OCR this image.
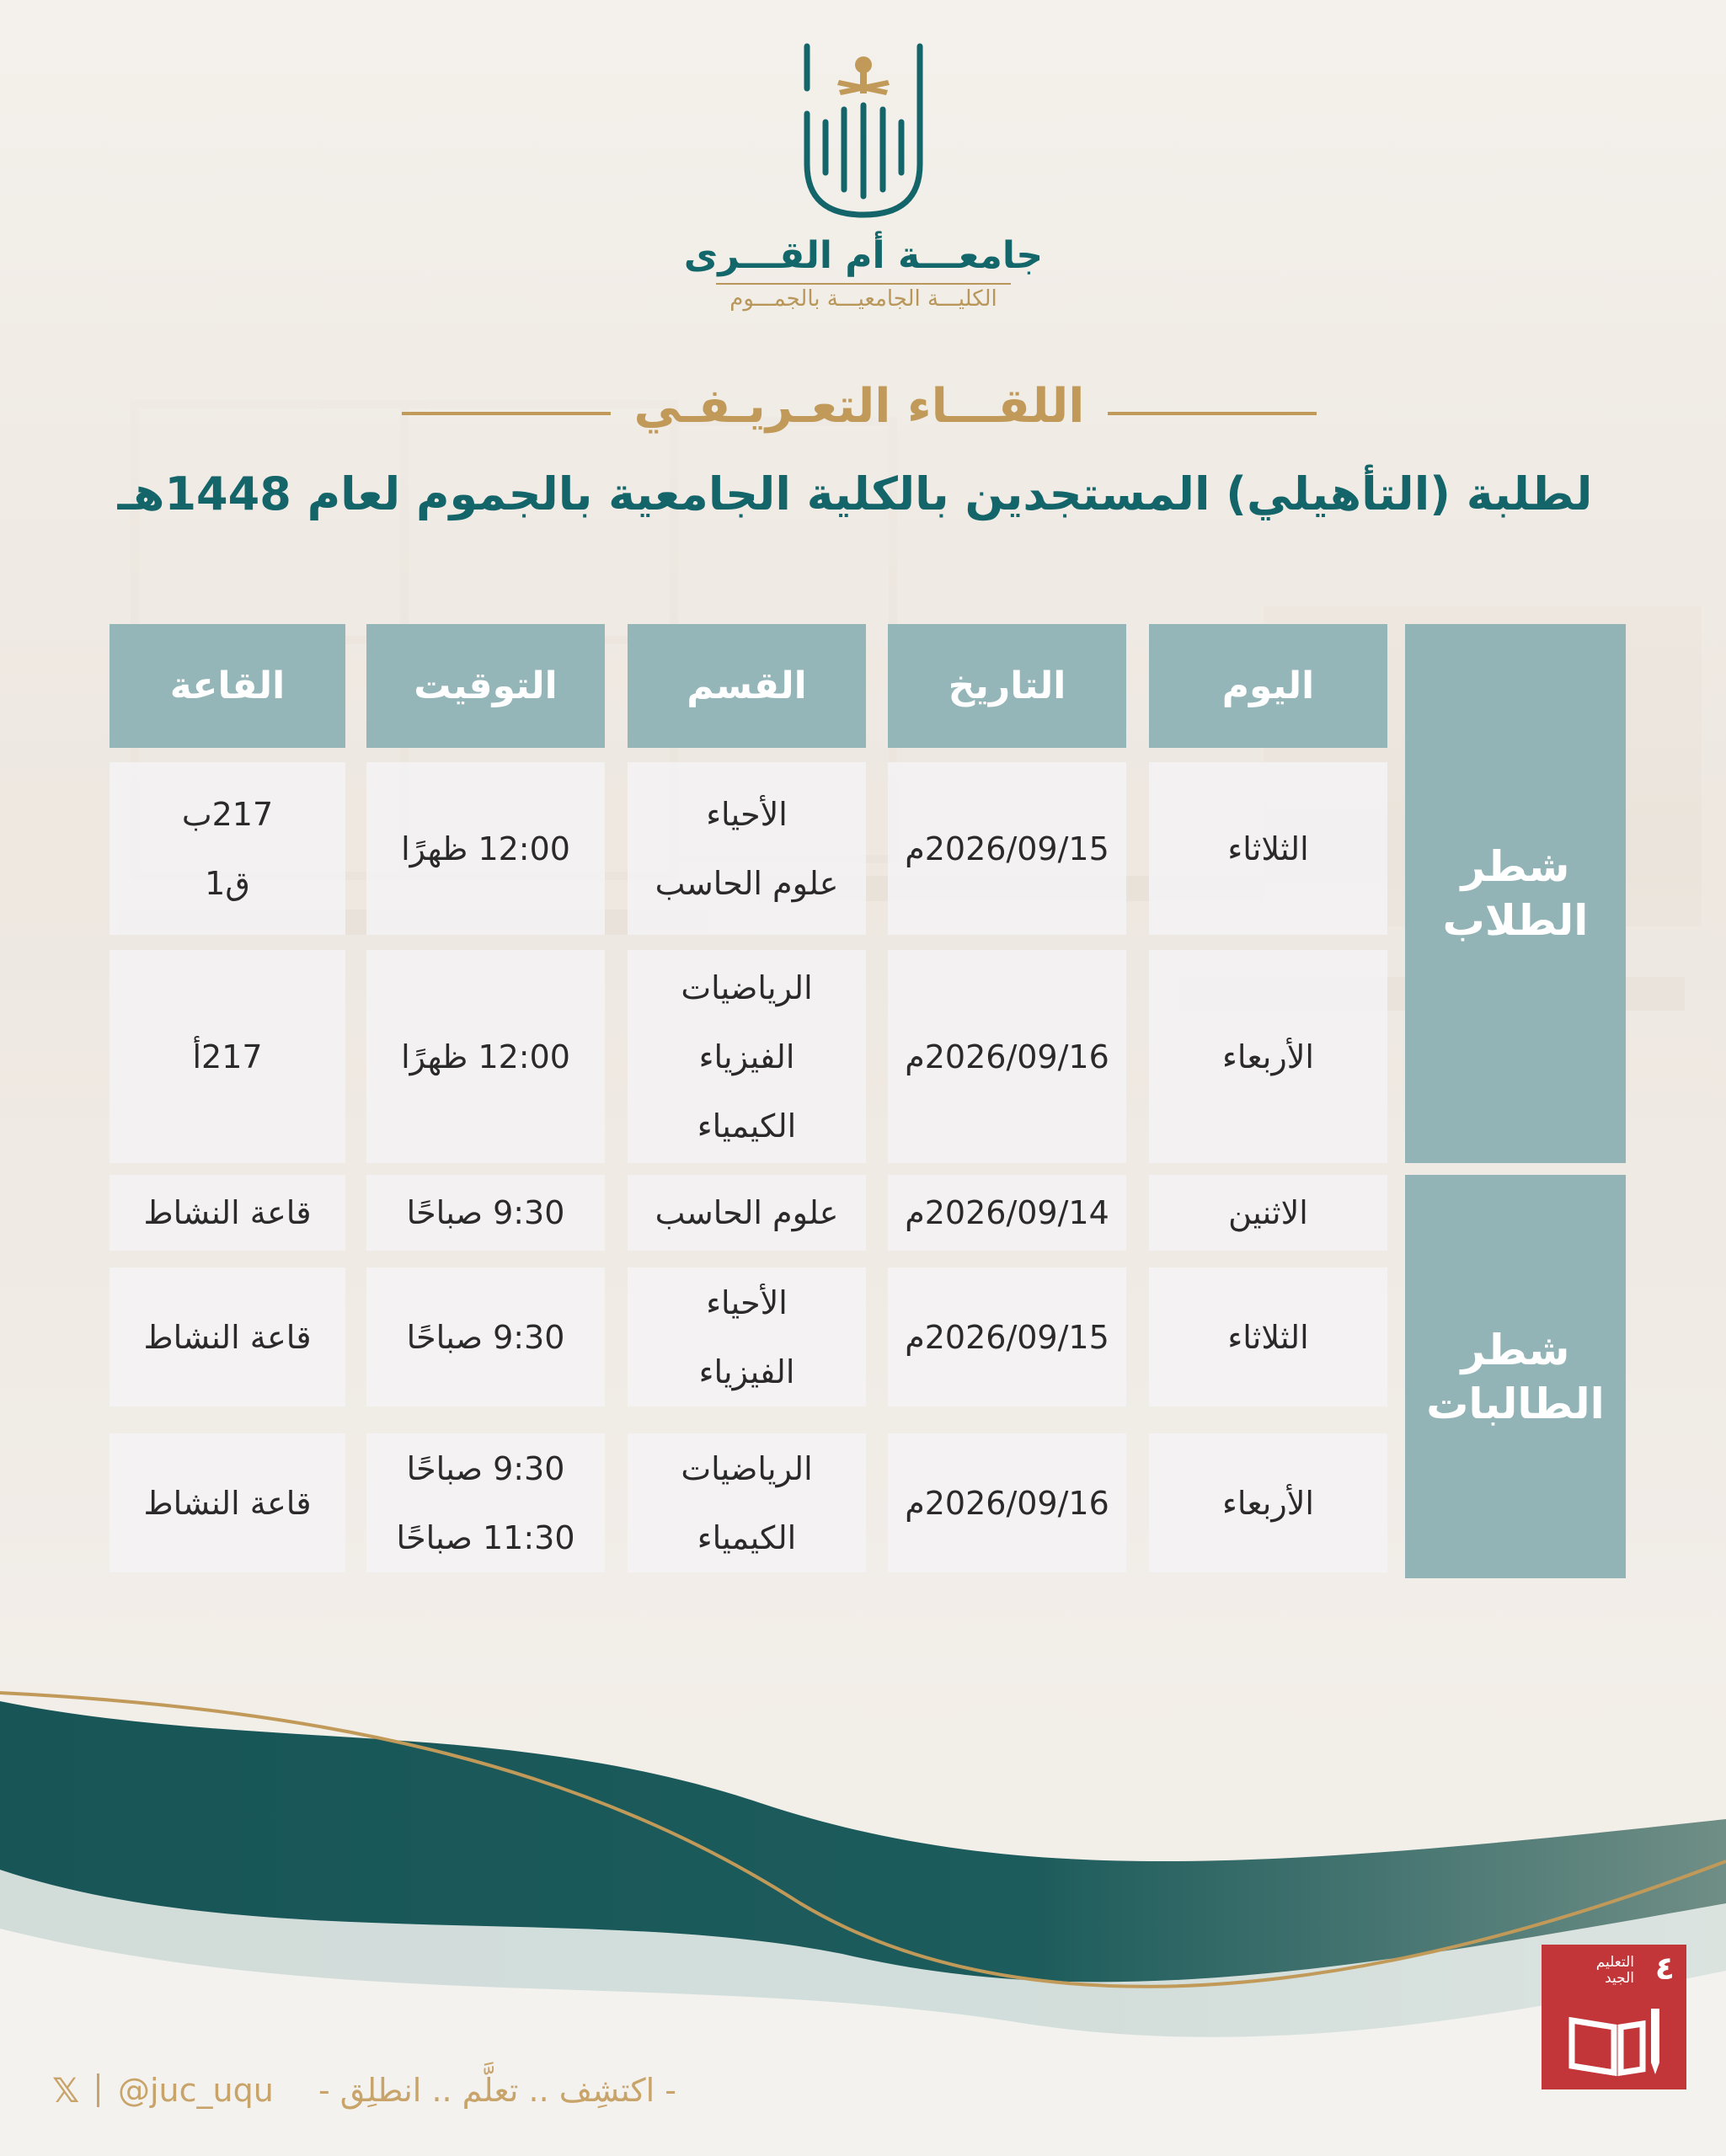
جامعـــة أم القـــرى
الكليـــة الجامعيـــة بالجمـــوم
اللقـــاء التعـريـفـي
لطلبة (التأهيلي) المستجدين بالكلية الجامعية بالجموم لعام 1448هـ
اليوم
التاريخ
القسم
التوقيت
القاعة
شطر
الطلاب
شطر
الطالبات
الثلاثاء
2026/09/15م
الأحياء
علوم الحاسب
12:00 ظهرًا
217ب
ق1
الأربعاء
2026/09/16م
الرياضيات
الفيزياء
الكيمياء
12:00 ظهرًا
217أ
الاثنين
2026/09/14م
علوم الحاسب
9:30 صباحًا
قاعة النشاط
الثلاثاء
2026/09/15م
الأحياء
الفيزياء
9:30 صباحًا
قاعة النشاط
الأربعاء
2026/09/16م
الرياضيات
الكيمياء
9:30 صباحًا
11:30 صباحًا
قاعة النشاط
- اكتشِف .. تعلَّم .. انطلِق -
@juc_uqu
𝕏
٤
التعليم
الجيد
